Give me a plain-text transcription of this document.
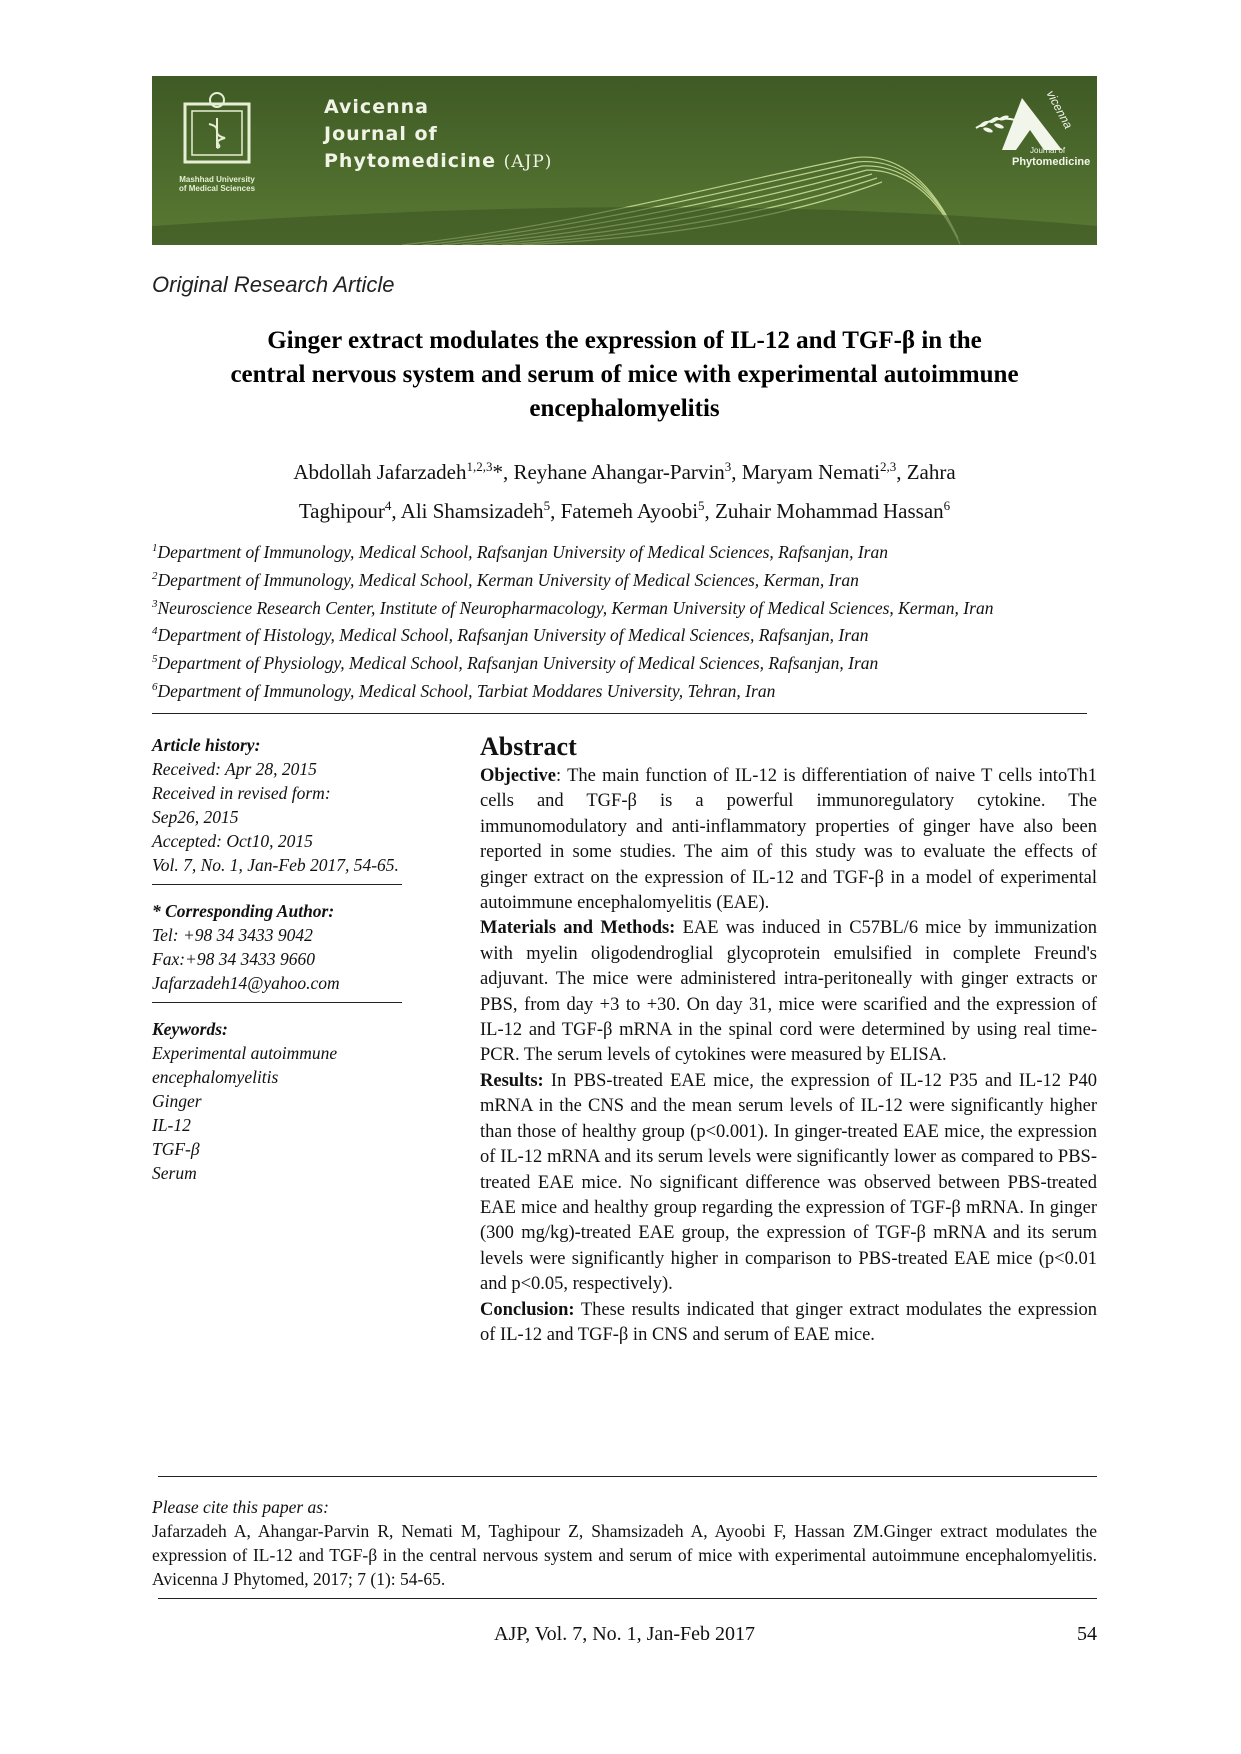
Mashhad University
of Medical Sciences
Avicenna
Journal of
Phytomedicine (AJP)
vicenna
Journal of
Phytomedicine
Original Research Article
Ginger extract modulates the expression of IL-12 and TGF-β in the
central nervous system and serum of mice with experimental autoimmune
encephalomyelitis
Abdollah Jafarzadeh$^{1,2,3}$*, Reyhane Ahangar-Parvin$^3$, Maryam Nemati$^{2,3}$, Zahra
Taghipour$^4$, Ali Shamsizadeh$^5$, Fatemeh Ayoobi$^5$, Zuhair Mohammad Hassan$^6$
$^1$Department of Immunology, Medical School, Rafsanjan University of Medical Sciences, Rafsanjan, Iran
$^2$Department of Immunology, Medical School, Kerman University of Medical Sciences, Kerman, Iran
$^3$Neuroscience Research Center, Institute of Neuropharmacology, Kerman University of Medical Sciences, Kerman, Iran
$^4$Department of Histology, Medical School, Rafsanjan University of Medical Sciences, Rafsanjan, Iran
$^5$Department of Physiology, Medical School, Rafsanjan University of Medical Sciences, Rafsanjan, Iran
$^6$Department of Immunology, Medical School, Tarbiat Moddares University, Tehran, Iran
Article history:
Received: Apr 28, 2015
Received in revised form:
Sep26, 2015
Accepted: Oct10, 2015
Vol. 7, No. 1, Jan-Feb 2017, 54-65.
* Corresponding Author:
Tel: +98 34 3433 9042
Fax:+98 34 3433 9660
Jafarzadeh14@yahoo.com
Keywords:
Experimental autoimmune
encephalomyelitis
Ginger
IL-12
TGF-β
Serum
Abstract

Objective: The main function of IL-12 is differentiation of naive T cells intoTh1 cells and TGF-β is a powerful immunoregulatory cytokine. The immunomodulatory and anti-inflammatory properties of ginger have also been reported in some studies. The aim of this study was to evaluate the effects of ginger extract on the expression of IL-12 and TGF-β in a model of experimental autoimmune encephalomyelitis (EAE).

Materials and Methods: EAE was induced in C57BL/6 mice by immunization with myelin oligodendroglial glycoprotein emulsified in complete Freund's adjuvant. The mice were administered intra-peritoneally with ginger extracts or PBS, from day +3 to +30. On day 31, mice were scarified and the expression of IL-12 and TGF-β mRNA in the spinal cord were determined by using real time-PCR. The serum levels of cytokines were measured by ELISA.

Results: In PBS-treated EAE mice, the expression of IL-12 P35 and IL-12 P40 mRNA in the CNS and the mean serum levels of IL-12 were significantly higher than those of healthy group (p<0.001). In ginger-treated EAE mice, the expression of IL-12 mRNA and its serum levels were significantly lower as compared to PBS-treated EAE mice. No significant difference was observed between PBS-treated EAE mice and healthy group regarding the expression of TGF-β mRNA. In ginger (300 mg/kg)-treated EAE group, the expression of TGF-β mRNA and its serum levels were significantly higher in comparison to PBS-treated EAE mice (p<0.01 and p<0.05, respectively).

Conclusion: These results indicated that ginger extract modulates the expression of IL-12 and TGF-β in CNS and serum of EAE mice.

Please cite this paper as:
Jafarzadeh A, Ahangar-Parvin R, Nemati M, Taghipour Z, Shamsizadeh A, Ayoobi F, Hassan ZM.Ginger extract modulates the expression of IL-12 and TGF-β in the central nervous system and serum of mice with experimental autoimmune encephalomyelitis. Avicenna J Phytomed, 2017; 7 (1): 54-65.
AJP, Vol. 7, No. 1, Jan-Feb 2017	54
